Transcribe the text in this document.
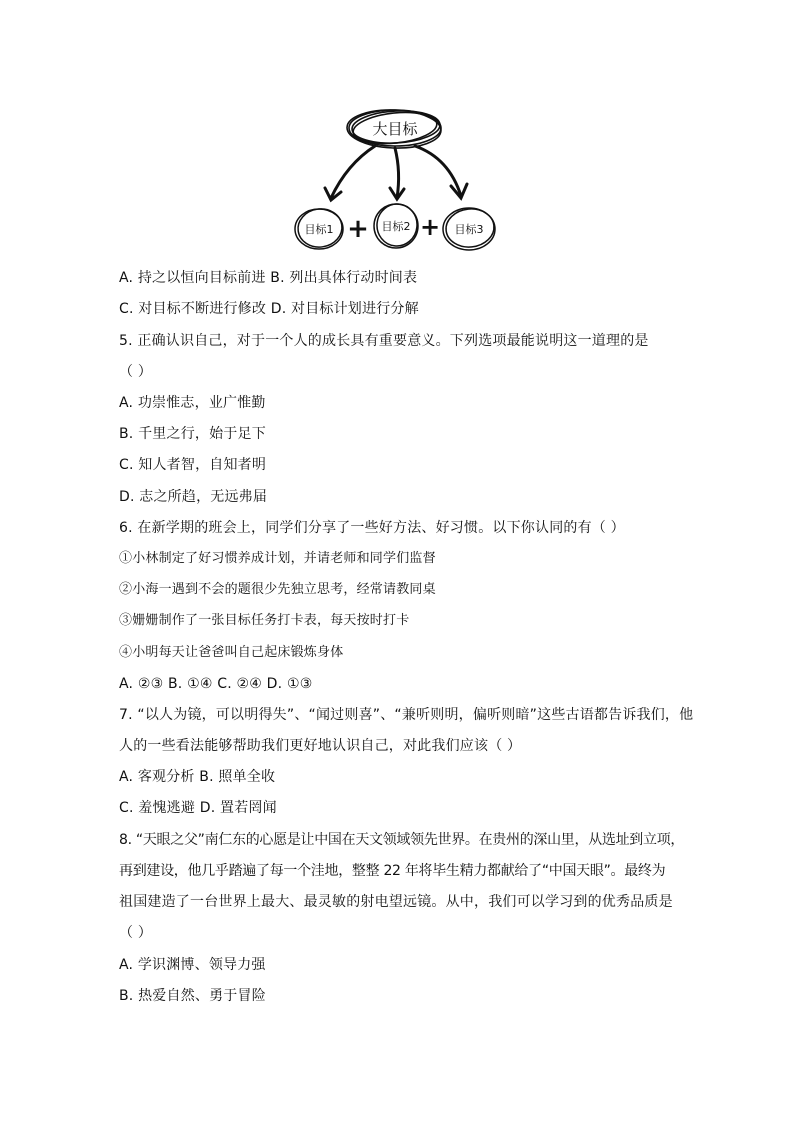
大目标
目标1	目标2	目标3
+ +
A. 持之以恒向目标前进 B. 列出具体行动时间表
C. 对目标不断进行修改 D. 对目标计划进行分解
5. 正确认识自己，对于一个人的成长具有重要意义。下列选项最能说明这一道理的是
（ ）
A. 功崇惟志，业广惟勤
B. 千里之行，始于足下
C. 知人者智，自知者明
D. 志之所趋，无远弗届
6. 在新学期的班会上，同学们分享了一些好方法、好习惯。以下你认同的有（ ）
①小林制定了好习惯养成计划，并请老师和同学们监督
②小海一遇到不会的题很少先独立思考，经常请教同桌
③姗姗制作了一张目标任务打卡表，每天按时打卡
④小明每天让爸爸叫自己起床锻炼身体
A. ②③ B. ①④ C. ②④ D. ①③
7. “以人为镜，可以明得失”、“闻过则喜”、“兼听则明，偏听则暗”这些古语都告诉我们，他
人的一些看法能够帮助我们更好地认识自己，对此我们应该（ ）
A. 客观分析 B. 照单全收
C. 羞愧逃避 D. 置若罔闻
8. “天眼之父”南仁东的心愿是让中国在天文领域领先世界。在贵州的深山里，从选址到立项，
再到建设，他几乎踏遍了每一个洼地，整整 22 年将毕生精力都献给了“中国天眼”。最终为
祖国建造了一台世界上最大、最灵敏的射电望远镜。从中，我们可以学习到的优秀品质是
（ ）
A. 学识渊博、领导力强
B. 热爱自然、勇于冒险
